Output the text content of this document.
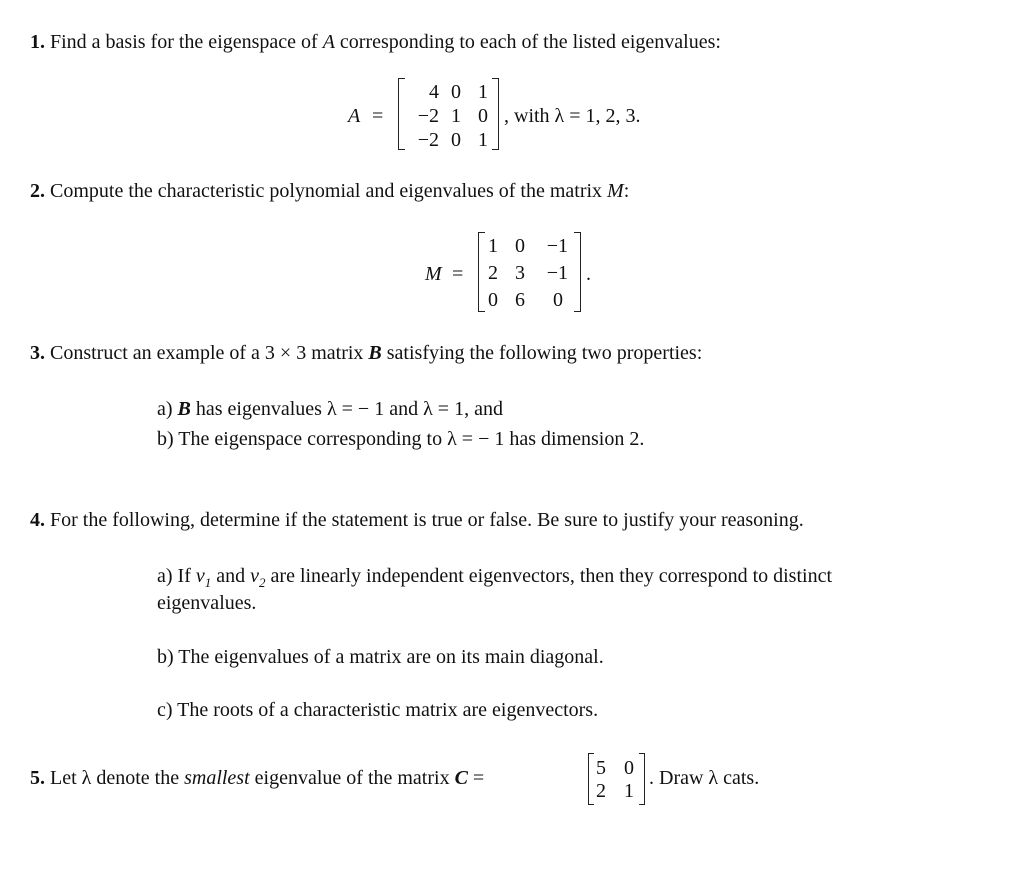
1. Find a basis for the eigenspace of A corresponding to each of the listed eigenvalues:
A =
4 0 1
−2 1 0
−2 0 1
, with λ = 1, 2, 3.
2. Compute the characteristic polynomial and eigenvalues of the matrix M:
M =
1 0	−1
2 3	−1
0 6	0
.
3. Construct an example of a 3 × 3 matrix B satisfying the following two properties:
a) B has eigenvalues λ = − 1 and λ = 1, and
b) The eigenspace corresponding to λ = − 1 has dimension 2.
4. For the following, determine if the statement is true or false. Be sure to justify your reasoning.
a) If $v_1$ and $v_2$ are linearly independent eigenvectors, then they correspond to distinct
eigenvalues.
b) The eigenvalues of a matrix are on its main diagonal.
c) The roots of a characteristic matrix are eigenvectors.
5. Let λ denote the smallest eigenvalue of the matrix C =	5 0
2 1
. Draw λ cats.
